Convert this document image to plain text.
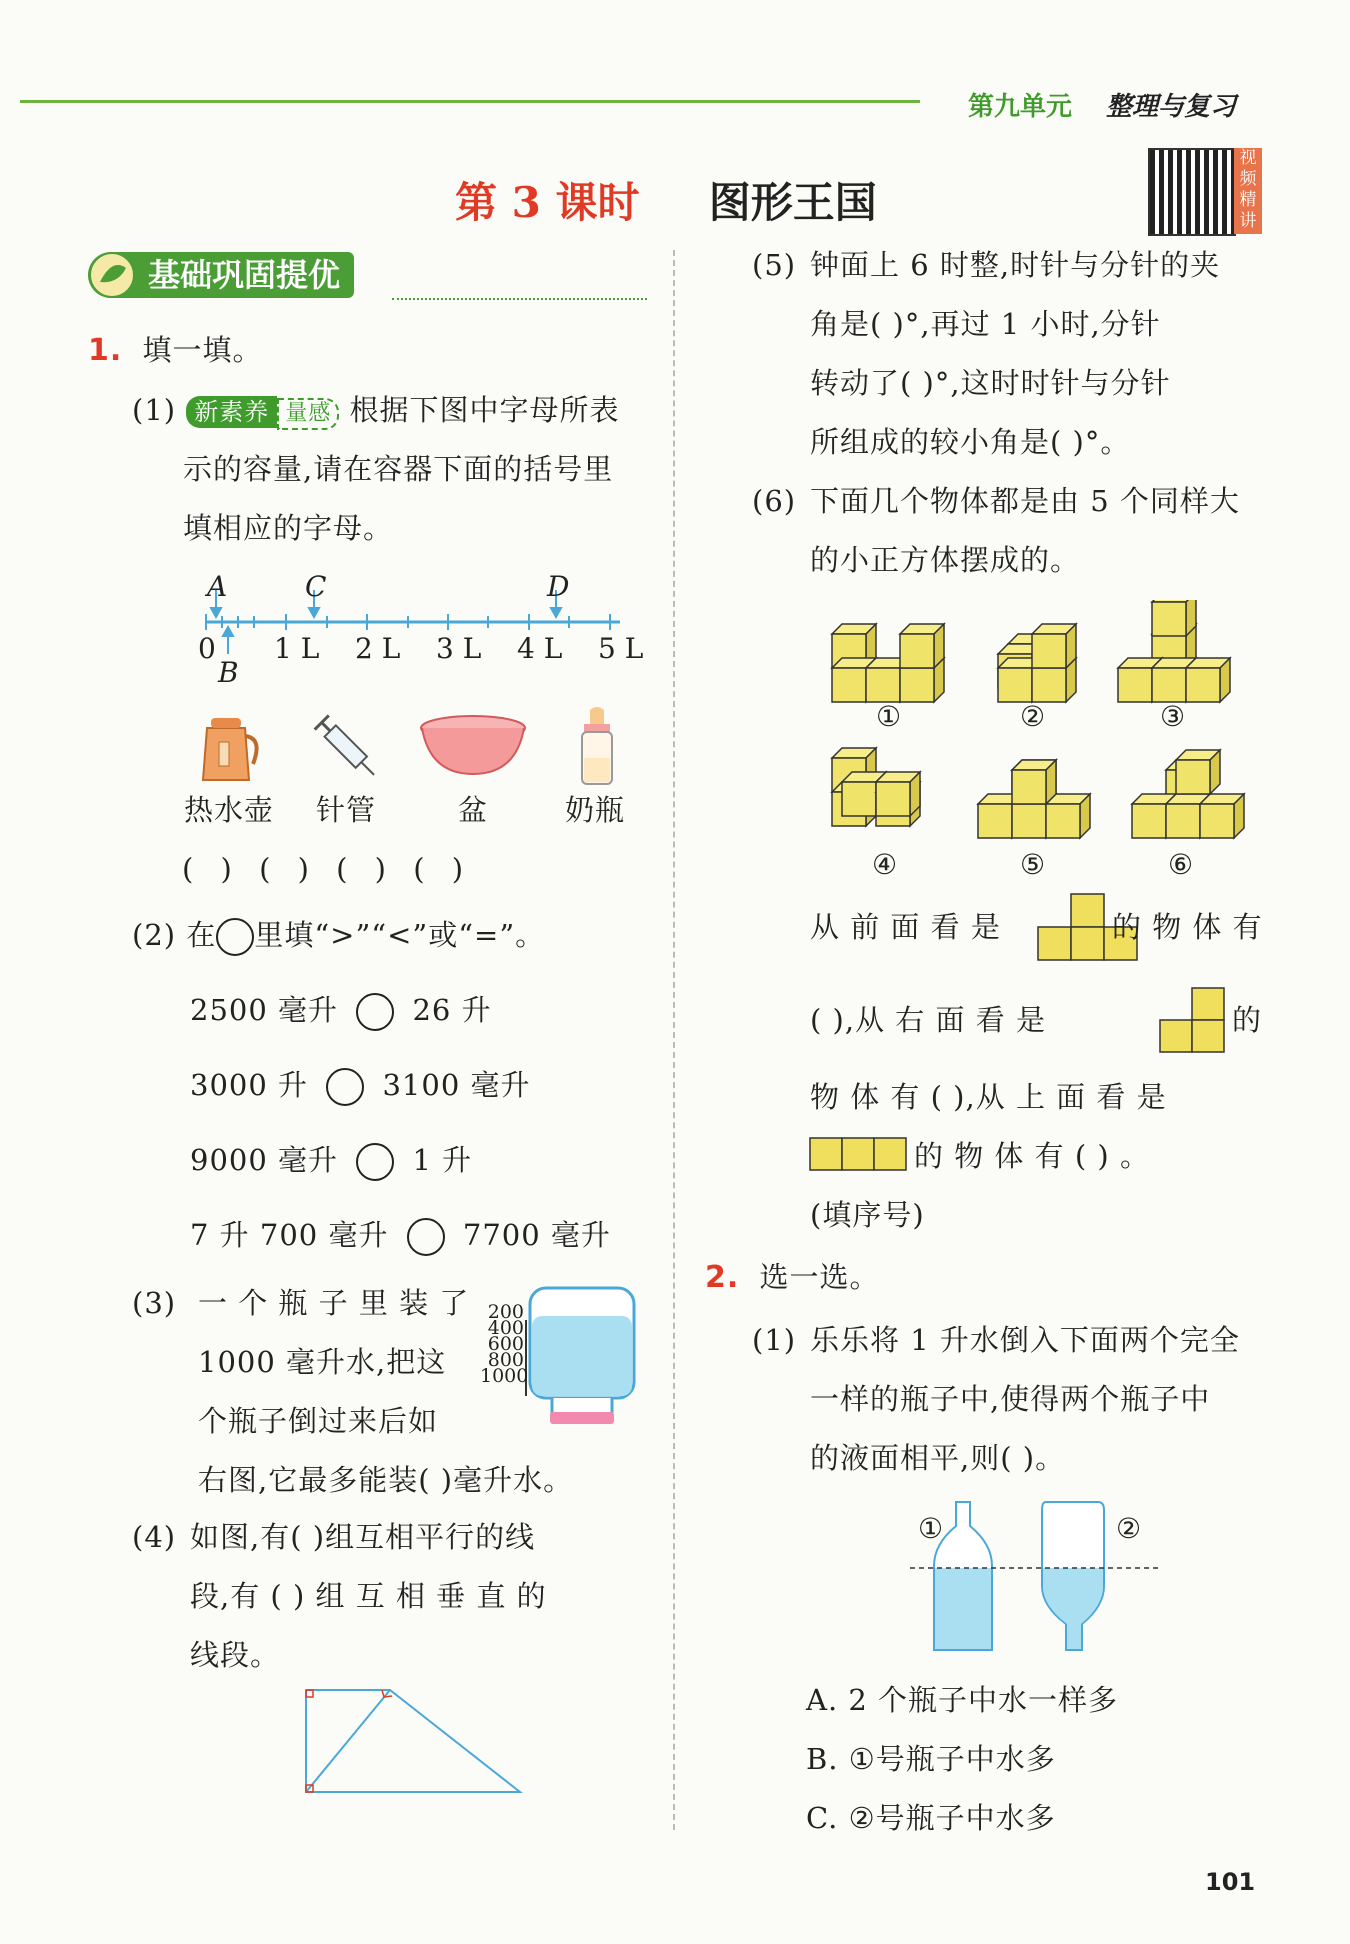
第九单元 整理与复习
第 3 课时 图形王国
视频精讲
基础巩固提优
1. 填一填。
(1) 新素养 量感 根据下图中字母所表
示的容量,请在容器下面的括号里
填相应的字母。
A	C	D
B
0 1 L 2 L 3 L 4 L 5 L
热水壶 针管	盆	奶瓶
( ) ( ) ( ) ( )
(2) 在 里填“>”“<”或“=”。
2500 毫升	26 升
3000 升	3100 毫升
9000 毫升	1 升
7 升 700 毫升	7700 毫升
(3) 一 个 瓶 子 里 装 了
1000 毫升水,把这
个瓶子倒过来后如
右图,它最多能装( )毫升水。
200
400
600
800
1000
(4) 如图,有( )组互相平行的线
段,有 ( ) 组 互 相 垂 直 的
线段。
(5) 钟面上 6 时整,时针与分针的夹
角是( )°,再过 1 小时,分针
转动了( )°,这时时针与分针
所组成的较小角是( )°。
(6) 下面几个物体都是由 5 个同样大
的小正方体摆成的。
①	②	③
④	⑤	⑥
从 前 面 看 是	的 物 体 有
( ),从 右 面 看 是	的
物 体 有 ( ),从 上 面 看 是
的 物 体 有 ( ) 。
(填序号)
2. 选一选。
(1) 乐乐将 1 升水倒入下面两个完全
一样的瓶子中,使得两个瓶子中
的液面相平,则( )。
①	②
A. 2 个瓶子中水一样多
B. ①号瓶子中水多
C. ②号瓶子中水多
101
